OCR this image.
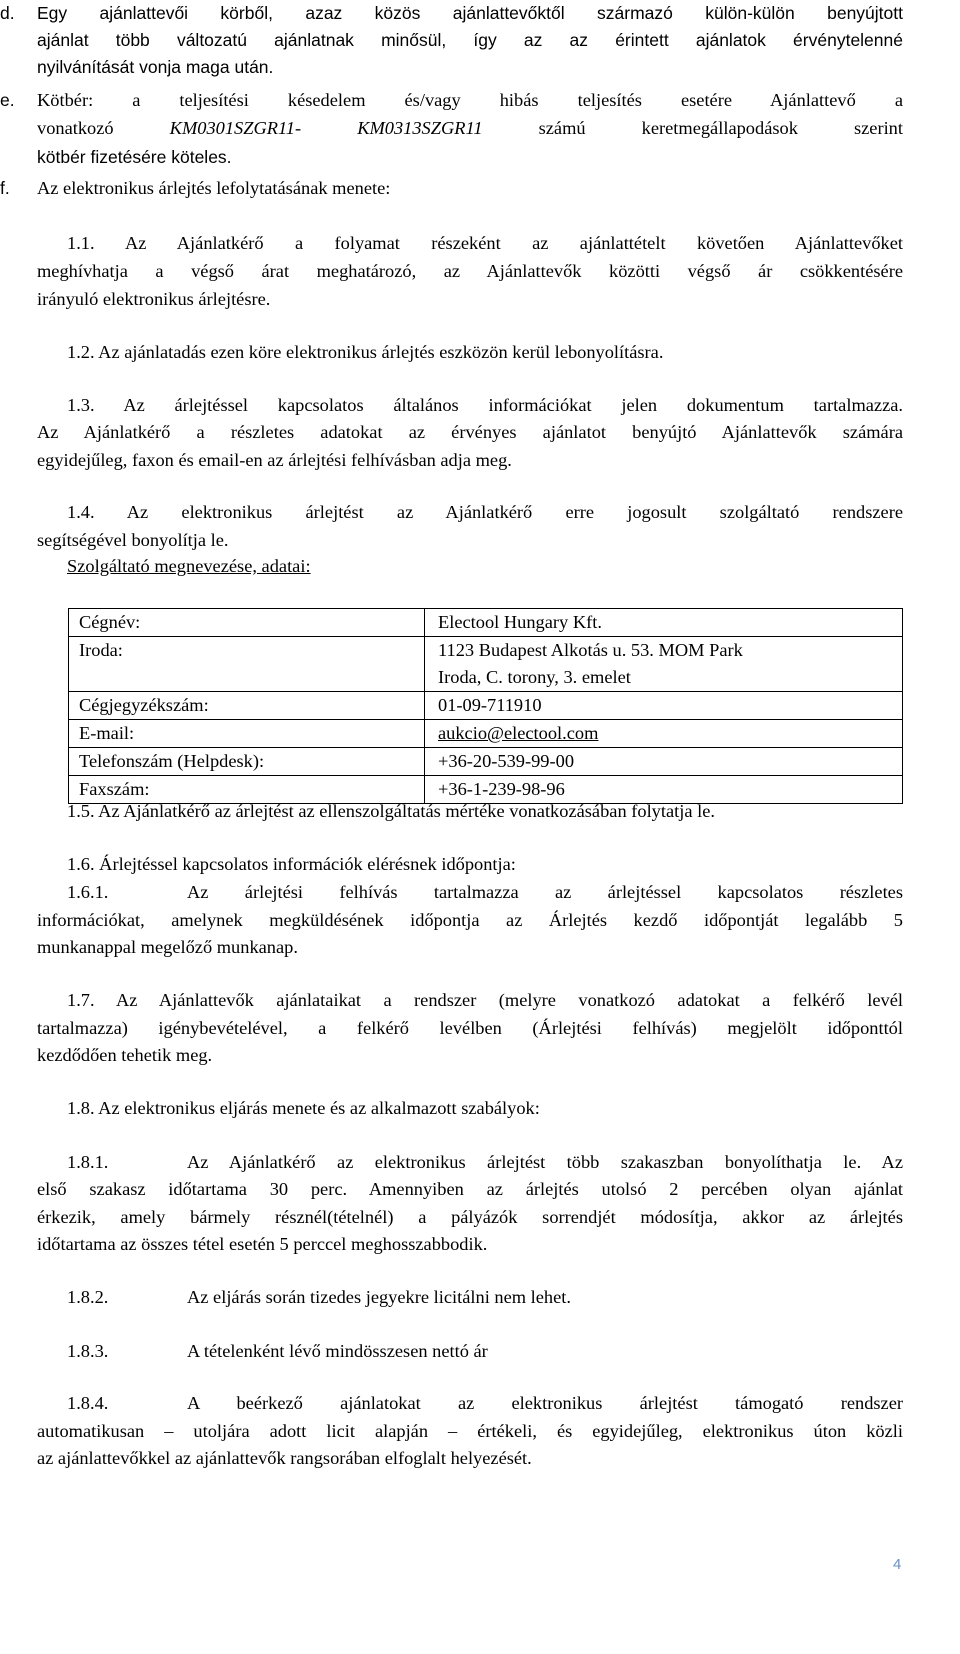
d. Egy ajánlattevői körből, azaz közös ajánlattevőktől származó külön-külön benyújtott
ajánlat több változatú ajánlatnak minősül, így az az érintett ajánlatok érvénytelenné
nyilvánítását vonja maga után.
e. Kötbér: a teljesítési késedelem és/vagy hibás teljesítés esetére Ajánlattevő a
vonatkozó KM0301SZGR11- KM0313SZGR11 számú keretmegállapodások szerint
kötbér fizetésére köteles.
f. Az elektronikus árlejtés lefolytatásának menete:
1.1. Az Ajánlatkérő a folyamat részeként az ajánlattételt követően Ajánlattevőket
meghívhatja a végső árat meghatározó, az Ajánlattevők közötti végső ár csökkentésére
irányuló elektronikus árlejtésre.
1.2. Az ajánlatadás ezen köre elektronikus árlejtés eszközön kerül lebonyolításra.
1.3. Az árlejtéssel kapcsolatos általános információkat jelen dokumentum tartalmazza.
Az Ajánlatkérő a részletes adatokat az érvényes ajánlatot benyújtó Ajánlattevők számára
egyidejűleg, faxon és email-en az árlejtési felhívásban adja meg.
1.4. Az elektronikus árlejtést az Ajánlatkérő erre jogosult szolgáltató rendszere
segítségével bonyolítja le.
Szolgáltató megnevezése, adatai:
Cégnév:	Electool Hungary Kft.
Iroda:	1123 Budapest Alkotás u. 53. MOM Park
Iroda, C. torony, 3. emelet

Cégjegyzékszám:	01-09-711910
E-mail:	aukcio@electool.com
Telefonszám (Helpdesk):	+36-20-539-99-00
Faxszám:	+36-1-239-98-96
1.5. Az Ajánlatkérő az árlejtést az ellenszolgáltatás mértéke vonatkozásában folytatja le.
1.6. Árlejtéssel kapcsolatos információk elérésnek időpontja:
1.6.1.	Az árlejtési felhívás tartalmazza az árlejtéssel kapcsolatos részletes
információkat, amelynek megküldésének időpontja az Árlejtés kezdő időpontját legalább 5
munkanappal megelőző munkanap.
1.7. Az Ajánlattevők ajánlataikat a rendszer (melyre vonatkozó adatokat a felkérő levél
tartalmazza) igénybevételével, a felkérő levélben (Árlejtési felhívás) megjelölt időponttól
kezdődően tehetik meg.
1.8. Az elektronikus eljárás menete és az alkalmazott szabályok:
1.8.1.	Az Ajánlatkérő az elektronikus árlejtést több szakaszban bonyolíthatja le. Az
első szakasz időtartama 30 perc. Amennyiben az árlejtés utolsó 2 percében olyan ajánlat
érkezik, amely bármely résznél(tételnél) a pályázók sorrendjét módosítja, akkor az árlejtés
időtartama az összes tétel esetén 5 perccel meghosszabbodik.
1.8.2.	Az eljárás során tizedes jegyekre licitálni nem lehet.
1.8.3.	A tételenként lévő mindösszesen nettó ár
1.8.4.	A beérkező ajánlatokat az elektronikus árlejtést támogató rendszer
automatikusan – utoljára adott licit alapján – értékeli, és egyidejűleg, elektronikus úton közli
az ajánlattevőkkel az ajánlattevők rangsorában elfoglalt helyezését.
4
